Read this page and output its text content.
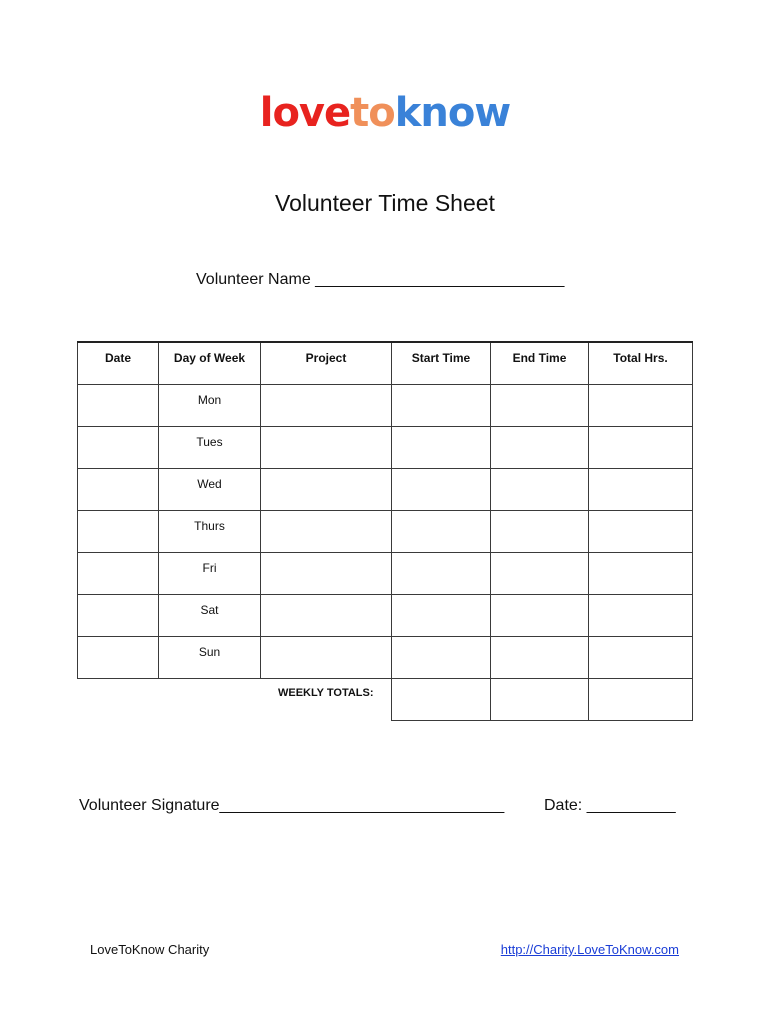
lovetoknow
Volunteer Time Sheet
Volunteer Name ____________________________
Date	Day of Week	Project	Start Time	End Time	Total Hrs.
	Mon				
	Tues				
	Wed				
	Thurs				
	Fri				
	Sat				
	Sun				
		WEEKLY TOTALS:			
Volunteer Signature________________________________ Date: __________
LoveToKnow Charity	http://Charity.LoveToKnow.com
